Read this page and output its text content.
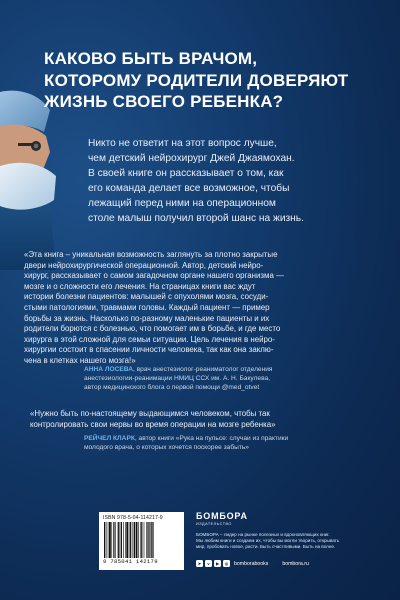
КАКОВО БЫТЬ ВРАЧОМ,
КОТОРОМУ РОДИТЕЛИ ДОВЕРЯЮТ
ЖИЗНЬ СВОЕГО РЕБЕНКА?
Никто не ответит на этот вопрос лучше,
чем детский нейрохирург Джей Джаямохан.
В своей книге он рассказывает о том, как
его команда делает все возможное, чтобы
лежащий перед ними на операционном
столе малыш получил второй шанс на жизнь.
«Эта книга – уникальная возможность заглянуть за плотно закрытые
двери нейрохирургической операционной. Автор, детский нейро-
хирург, рассказывает о самом загадочном органе нашего организма —
мозге и о сложности его лечения. На страницах книги вас ждут
истории болезни пациентов: малышей с опухолями мозга, сосуди-
стыми патологиями, травмами головы. Каждый пациент — пример
борьбы за жизнь. Насколько по-разному маленькие пациенты и их
родители борются с болезнью, что помогает им в борьбе, и где место
хирурга в этой сложной для семьи ситуации. Цель лечения в нейро-
хирургии состоит в спасении личности человека, так как она заклю-
чена в клетках нашего мозга!»
АННА ЛОСЕВА, врач анестезиолог-реаниматолог отделения
анестезиологии-реанимации НМИЦ ССХ им. А. Н. Бакулева,
автор медицинского блога о первой помощи @med_otvet
«Нужно быть по-настоящему выдающимся человеком, чтобы так
контролировать свои нервы во время операции на мозге ребенка»
РЕЙЧЕЛ КЛАРК, автор книги «Рука на пульсе: случаи из практики
молодого врача, о которых хочется поскорее забыть»
ISBN 978-5-04-114217-9
9 785041 142179
БОМБОРА
ИЗДАТЕЛЬСТВО
БОМБОРА – лидер на рынке полезных и вдохновляющих книг.
Мы любим книги и создаем их, чтобы вы могли творить, открывать
мир, пробовать новое, расти. Быть счастливыми. Быть на волне.
➤	v	▶	◎	bomborabooks	bombora.ru
